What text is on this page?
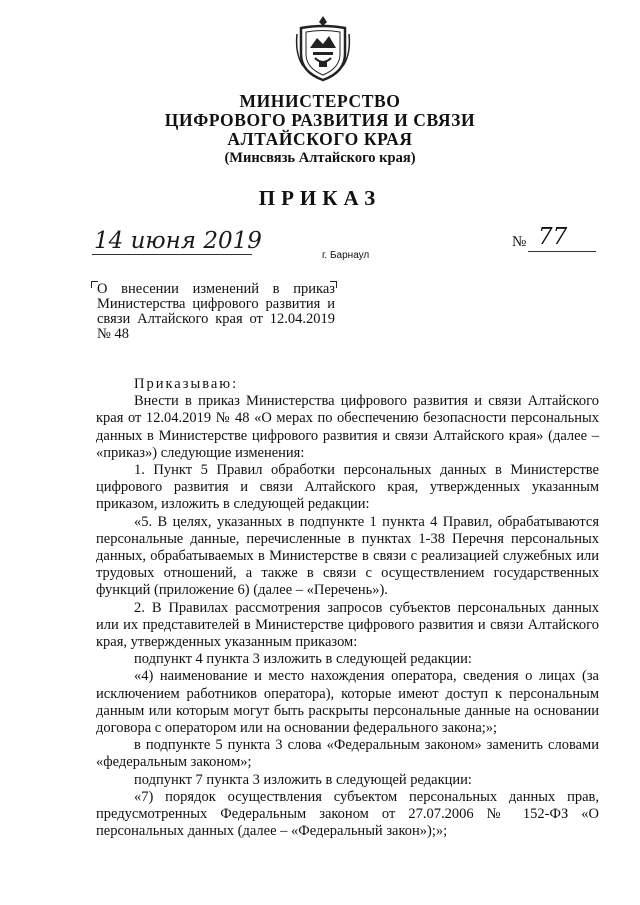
МИНИСТЕРСТВО
ЦИФРОВОГО РАЗВИТИЯ И СВЯЗИ
АЛТАЙСКОГО КРАЯ
(Минсвязь Алтайского края)
ПРИКАЗ
14 июня 2019
г. Барнаул
№ 77
О внесении изменений в приказ Министерства цифрового развития и связи Алтайского края от 12.04.2019 № 48

Приказываю:

Внести в приказ Министерства цифрового развития и связи Алтайского края от 12.04.2019 № 48 «О мерах по обеспечению безопасности персональных данных в Министерстве цифрового развития и связи Алтайского края» (далее – «приказ») следующие изменения:

1. Пункт 5 Правил обработки персональных данных в Министерстве цифрового развития и связи Алтайского края, утвержденных указанным приказом, изложить в следующей редакции:

«5. В целях, указанных в подпункте 1 пункта 4 Правил, обрабатываются персональные данные, перечисленные в пунктах 1-38 Перечня персональных данных, обрабатываемых в Министерстве в связи с реализацией служебных или трудовых отношений, а также в связи с осуществлением государственных функций (приложение 6) (далее – «Перечень»).

2. В Правилах рассмотрения запросов субъектов персональных данных или их представителей в Министерстве цифрового развития и связи Алтайского края, утвержденных указанным приказом:

подпункт 4 пункта 3 изложить в следующей редакции:

«4) наименование и место нахождения оператора, сведения о лицах (за исключением работников оператора), которые имеют доступ к персональным данным или которым могут быть раскрыты персональные данные на основании договора с оператором или на основании федерального закона;»;

в подпункте 5 пункта 3 слова «Федеральным законом» заменить словами «федеральным законом»;

подпункт 7 пункта 3 изложить в следующей редакции:

«7) порядок осуществления субъектом персональных данных прав, предусмотренных Федеральным законом от 27.07.2006 № 152-ФЗ «О персональных данных (далее – «Федеральный закон»);»;
